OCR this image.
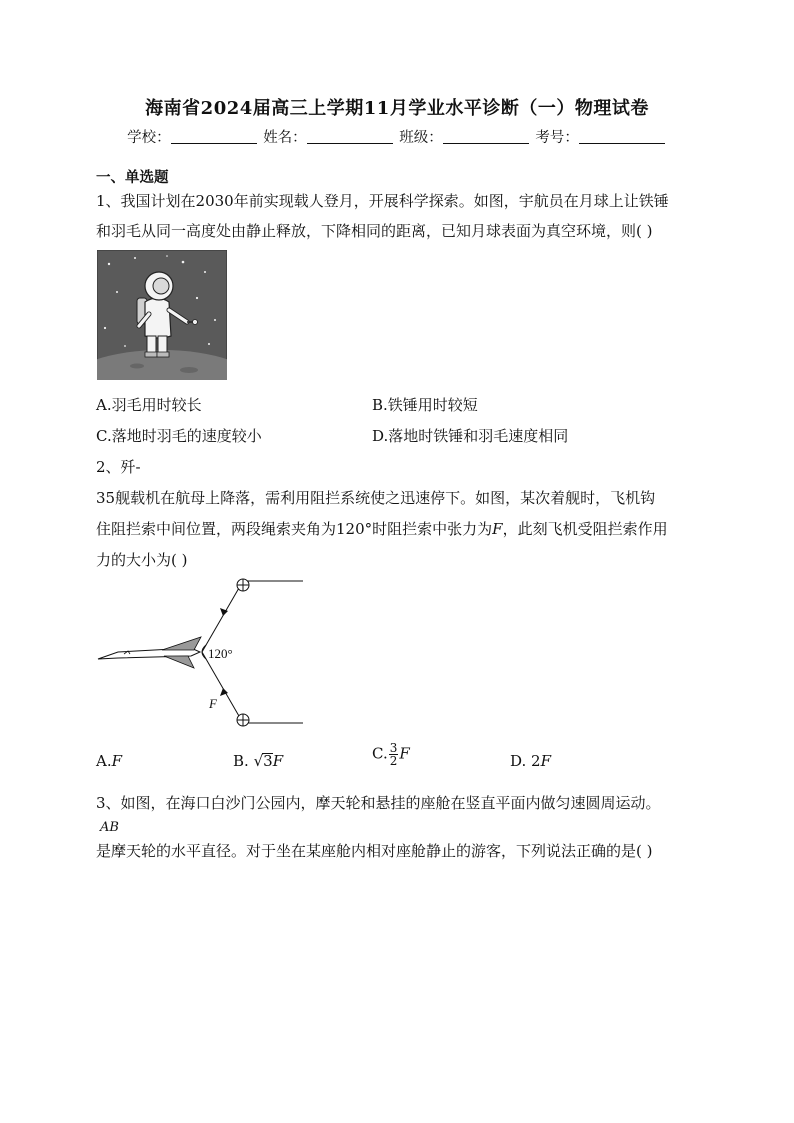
海南省2024届高三上学期11月学业水平诊断（一）物理试卷
学校：	姓名：	班级：	考号：
一、单选题
1、我国计划在2030年前实现载人登月，开展科学探索。如图，宇航员在月球上让铁锤
和羽毛从同一高度处由静止释放，下降相同的距离，已知月球表面为真空环境，则( )
A.羽毛用时较长	B.铁锤用时较短
C.落地时羽毛的速度较小	D.落地时铁锤和羽毛速度相同
2、歼-
35舰载机在航母上降落，需利用阻拦系统使之迅速停下。如图，某次着舰时，飞机钩
住阻拦索中间位置，两段绳索夹角为120°时阻拦索中张力为F，此刻飞机受阻拦索作用
力的大小为( )
120°
F
A.F	B. √3F	C. $\frac{3}{2}$ F	D. 2F
3、如图，在海口白沙门公园内，摩天轮和悬挂的座舱在竖直平面内做匀速圆周运动。
AB
是摩天轮的水平直径。对于坐在某座舱内相对座舱静止的游客，下列说法正确的是( )
